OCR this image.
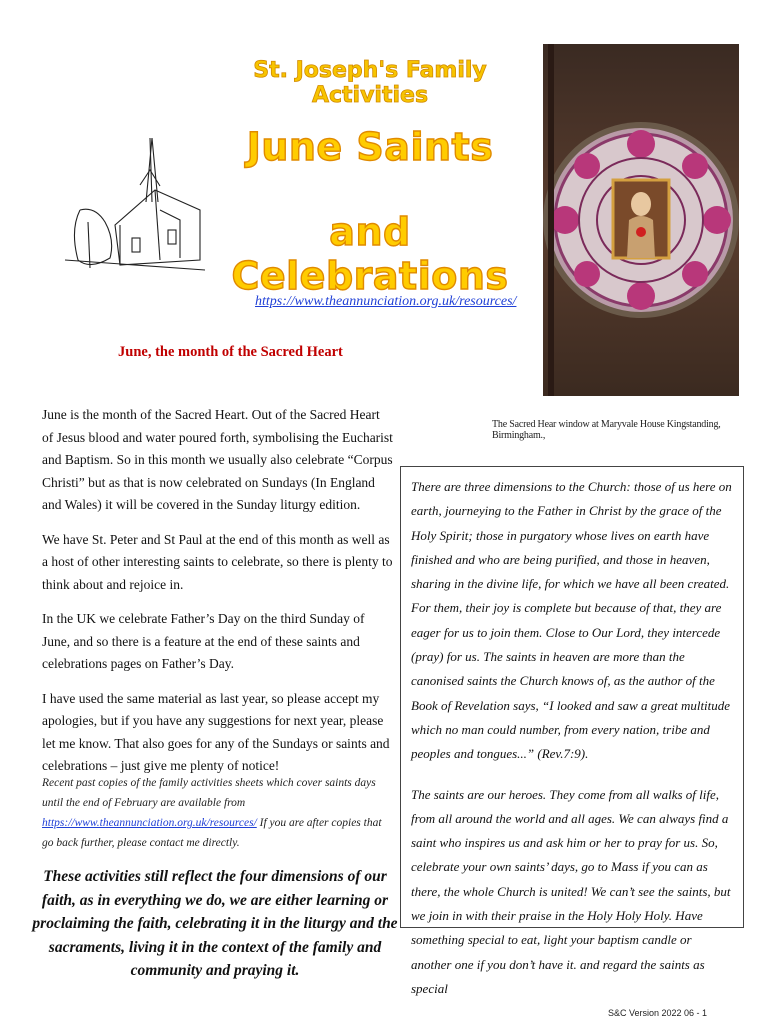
St. Joseph's Family Activities
June Saints
and Celebrations
https://www.theannunciation.org.uk/resources/
June, the month of the Sacred Heart
The Sacred Hear window at Maryvale House Kingstanding, Birmingham.,

June is the month of the Sacred Heart. Out of the Sacred Heart of Jesus blood and water poured forth, symbolising the Eucharist and Baptism. So in this month we usually also celebrate “Corpus Christi” but as that is now celebrated on Sundays (In England and Wales) it will be covered in the Sunday liturgy edition.

We have St. Peter and St Paul at the end of this month as well as a host of other interesting saints to celebrate, so there is plenty to think about and rejoice in.

In the UK we celebrate Father’s Day on the third Sunday of June, and so there is a feature at the end of these saints and celebrations pages on Father’s Day.

I have used the same material as last year, so please accept my apologies, but if you have any suggestions for next year, please let me know. That also goes for any of the Sundays or saints and celebrations – just give me plenty of notice!

Recent past copies of the family activities sheets which cover saints days until the end of February are available from https://www.theannunciation.org.uk/resources/ If you are after copies that go back further, please contact me directly.
These activities still reflect the four dimensions of our faith, as in everything we do, we are either learning or proclaiming the faith, celebrating it in the liturgy and the sacraments, living it in the context of the family and community and praying it.

There are three dimensions to the Church: those of us here on earth, journeying to the Father in Christ by the grace of the Holy Spirit; those in purgatory whose lives on earth have finished and who are being purified, and those in heaven, sharing in the divine life, for which we have all been created. For them, their joy is complete but because of that, they are eager for us to join them. Close to Our Lord, they intercede (pray) for us. The saints in heaven are more than the canonised saints the Church knows of, as the author of the Book of Revelation says, “I looked and saw a great multitude which no man could number, from every nation, tribe and peoples and tongues...” (Rev.7:9).

The saints are our heroes. They come from all walks of life, from all around the world and all ages. We can always find a saint who inspires us and ask him or her to pray for us. So, celebrate your own saints’ days, go to Mass if you can as there, the whole Church is united! We can’t see the saints, but we join in with their praise in the Holy Holy Holy. Have something special to eat, light your baptism candle or another one if you don’t have it. and regard the saints as special

S&C Version 2022 06 - 1
